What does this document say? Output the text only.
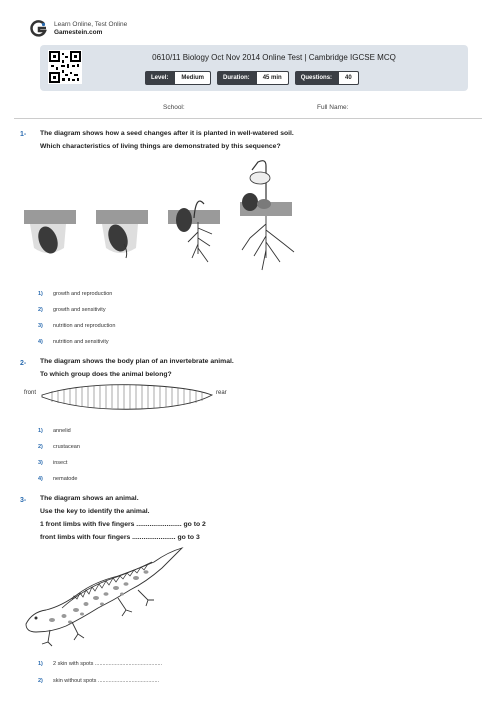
Learn Online, Test Online
Gamestein.com
0610/11 Biology Oct Nov 2014 Online Test | Cambridge IGCSE MCQ
Level:	Medium	Duration:	45 min	Questions:	40
School:	Full Name:
1- The diagram shows how a seed changes after it is planted in well-watered soil.
Which characteristics of living things are demonstrated by this sequence?
1)	growth and reproduction
2)	growth and sensitivity
3)	nutrition and reproduction
4)	nutrition and sensitivity
2- The diagram shows the body plan of an invertebrate animal.
To which group does the animal belong?
front	rear
1)	annelid
2)	crustacean
3)	insect
4)	nematode
3- The diagram shows an animal.
Use the key to identify the animal.
1 front limbs with five fingers ........................ go to 2
front limbs with four fingers ....................... go to 3
1)	2 skin with spots ............................................
2)	skin without spots ........................................
